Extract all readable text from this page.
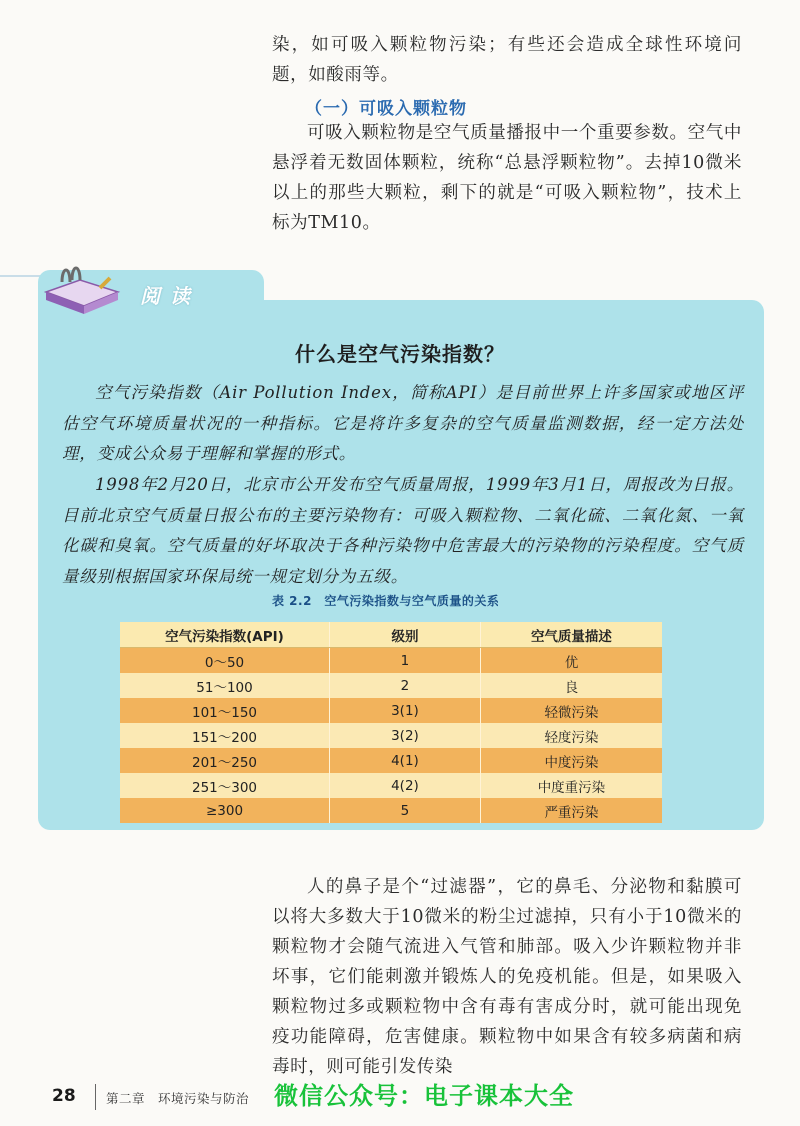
染，如可吸入颗粒物污染；有些还会造成全球性环境问题，如酸雨等。

（一）可吸入颗粒物

可吸入颗粒物是空气质量播报中一个重要参数。空气中悬浮着无数固体颗粒，统称“总悬浮颗粒物”。去掉10微米以上的那些大颗粒，剩下的就是“可吸入颗粒物”，技术上标为TM10。

阅读
什么是空气污染指数？

空气污染指数（Air Pollution Index，简称API）是目前世界上许多国家或地区评估空气环境质量状况的一种指标。它是将许多复杂的空气质量监测数据，经一定方法处理，变成公众易于理解和掌握的形式。

1998年2月20日，北京市公开发布空气质量周报，1999年3月1日，周报改为日报。目前北京空气质量日报公布的主要污染物有：可吸入颗粒物、二氧化硫、二氧化氮、一氧化碳和臭氧。空气质量的好坏取决于各种污染物中危害最大的污染物的污染程度。空气质量级别根据国家环保局统一规定划分为五级。

表 2.2　空气污染指数与空气质量的关系
空气污染指数(API)	级别	空气质量描述
0～50	1	优
51～100	2	良
101～150	3(1)	轻微污染
151～200	3(2)	轻度污染
201～250	4(1)	中度污染
251～300	4(2)	中度重污染
≥300	5	严重污染

人的鼻子是个“过滤器”，它的鼻毛、分泌物和黏膜可以将大多数大于10微米的粉尘过滤掉，只有小于10微米的颗粒物才会随气流进入气管和肺部。吸入少许颗粒物并非坏事，它们能刺激并锻炼人的免疫机能。但是，如果吸入颗粒物过多或颗粒物中含有毒有害成分时，就可能出现免疫功能障碍，危害健康。颗粒物中如果含有较多病菌和病毒时，则可能引发传染

28 第二章　环境污染与防治 微信公众号：电子课本大全
